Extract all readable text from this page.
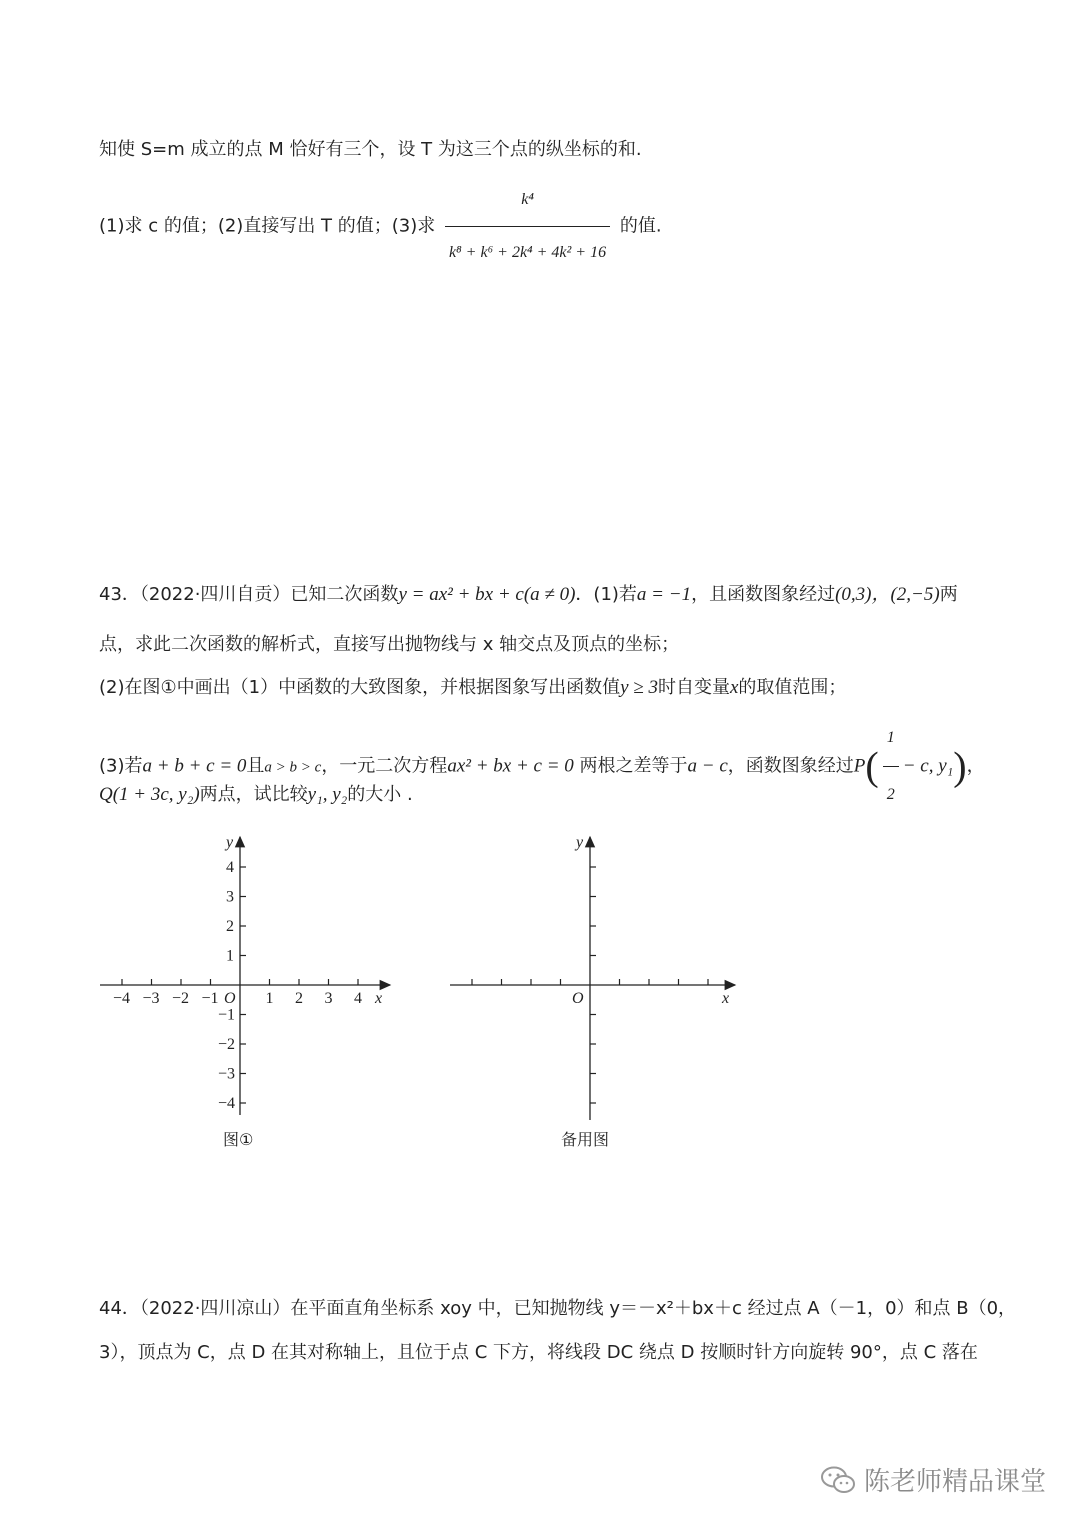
知使 S=m 成立的点 M 恰好有三个，设 T 为这三个点的纵坐标的和.
(1)求 c 的值；(2)直接写出 T 的值；(3)求 $\frac{\text{k⁴}}{\text{k⁸ + k⁶ + 2k⁴ + 4k² + 16}}$ 的值.
43．（2022·四川自贡）已知二次函数y = ax² + bx + c(a ≠ 0)．(1)若a = −1，且函数图象经过(0,3)，(2,−5)两
点，求此二次函数的解析式，直接写出抛物线与 x 轴交点及顶点的坐标；
(2)在图①中画出（1）中函数的大致图象，并根据图象写出函数值y ≥ 3时自变量x的取值范围；
(3)若a + b + c = 0且a > b > c，一元二次方程ax² + bx + c = 0 两根之差等于a − c，函数图象经过$P( \frac{1}{2} - c$, y₁)，
Q(1 + 3c, y₂)两点，试比较y₁, y₂的大小 .
−4 −3 −2 −1	1 2 3 4
4
3
2
1
−1
−2
−3
−4
x
y
O
图①
x
y
O
备用图
44．（2022·四川凉山）在平面直角坐标系 xoy 中，已知抛物线 y＝－x²＋bx＋c 经过点 A（－1，0）和点 B（0，
3），顶点为 C，点 D 在其对称轴上，且位于点 C 下方，将线段 DC 绕点 D 按顺时针方向旋转 90°，点 C 落在
陈老师精品课堂
